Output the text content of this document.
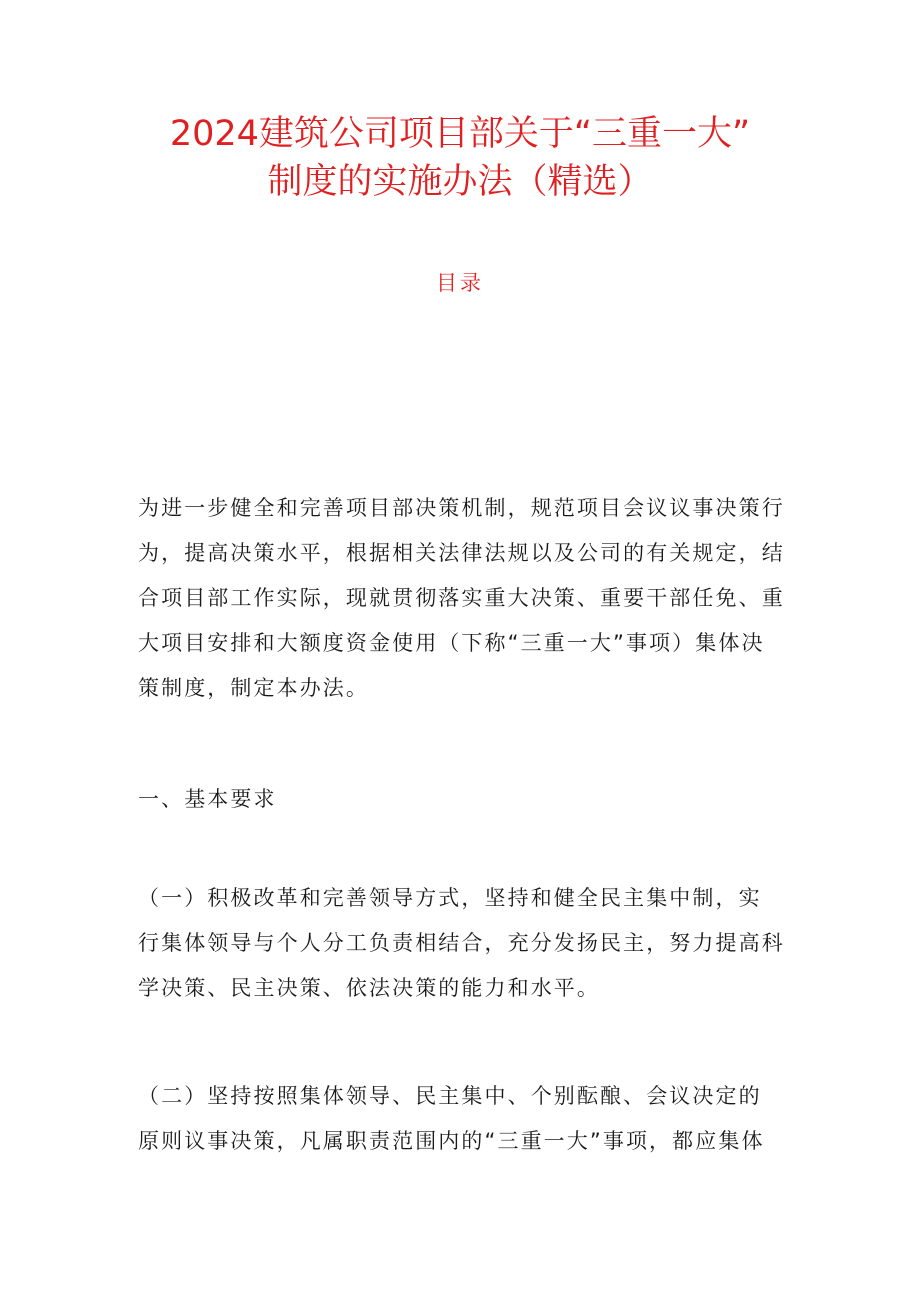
2024建筑公司项目部关于“三重一大”
制度的实施办法（精选）
目录
为进一步健全和完善项目部决策机制，规范项目会议议事决策行
为，提高决策水平，根据相关法律法规以及公司的有关规定，结
合项目部工作实际，现就贯彻落实重大决策、重要干部任免、重
大项目安排和大额度资金使用（下称“三重一大”事项）集体决
策制度，制定本办法。
一、基本要求
（一）积极改革和完善领导方式，坚持和健全民主集中制，实
行集体领导与个人分工负责相结合，充分发扬民主，努力提高科
学决策、民主决策、依法决策的能力和水平。
（二）坚持按照集体领导、民主集中、个别酝酿、会议决定的
原则议事决策，凡属职责范围内的“三重一大”事项，都应集体
